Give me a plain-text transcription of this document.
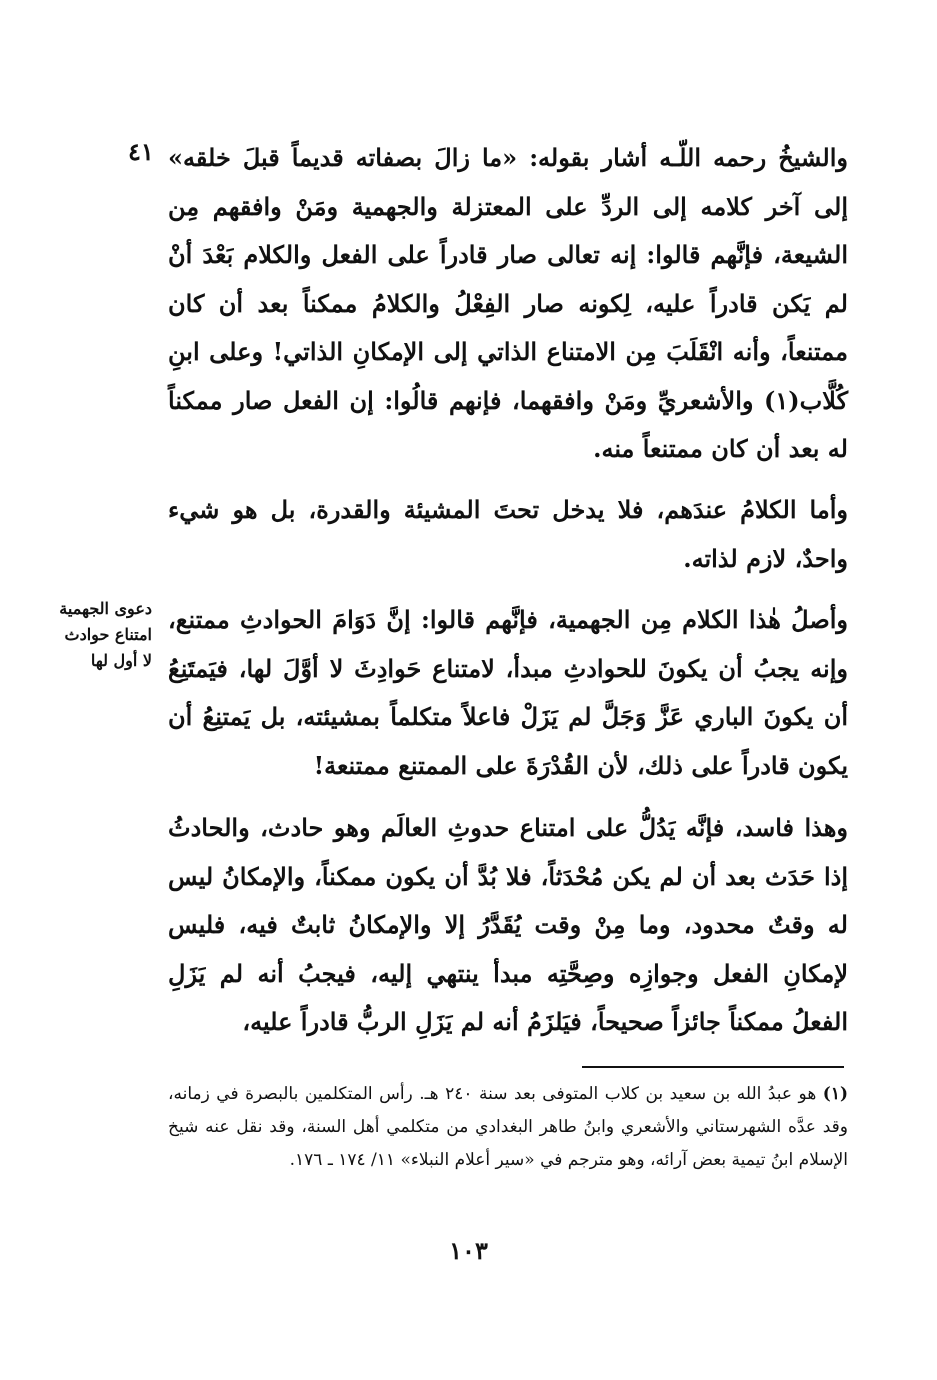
٤١ والشيخُ رحمه اللّـه أشار بقوله: «ما زالَ بصفاته قديماً قبلَ خلقه» إلى آخر كلامه إلى الردِّ على المعتزلة والجهمية ومَنْ وافقهم مِن الشيعة، فإنَّهم قالوا: إنه تعالى صار قادراً على الفعل والكلام بَعْدَ أنْ لم يَكن قادراً عليه، لِكونه صار الفِعْلُ والكلامُ ممكناً بعد أن كان ممتنعاً، وأنه انْقَلَبَ مِن الامتناع الذاتي إلى الإمكانِ الذاتي! وعلى ابنِ كُلَّاب(١) والأشعريِّ ومَنْ وافقهما، فإنهم قالُوا: إن الفعل صار ممكناً له بعد أن كان ممتنعاً منه.

وأما الكلامُ عندَهم، فلا يدخل تحتَ المشيئة والقدرة، بل هو شيء واحدٌ، لازم لذاته.

دعوى الجهمية
امتناع حوادث
لا أول لها

وأصلُ هٰذا الكلام مِن الجهمية، فإنَّهم قالوا: إنَّ دَوَامَ الحوادثِ ممتنع، وإنه يجبُ أن يكونَ للحوادثِ مبدأ، لامتناع حَوادِثَ لا أوَّلَ لها، فيَمتَنِعُ أن يكونَ الباري عَزَّ وَجَلَّ لم يَزَلْ فاعلاً متكلماً بمشيئته، بل يَمتنِعُ أن يكون قادراً على ذلك، لأن القُدْرَةَ على الممتنع ممتنعة!

وهذا فاسد، فإنَّه يَدُلُّ على امتناع حدوثِ العالَم وهو حادث، والحادثُ إذا حَدَث بعد أن لم يكن مُحْدَثاً، فلا بُدَّ أن يكون ممكناً، والإمكانُ ليس له وقتٌ محدود، وما مِنْ وقت يُقَدَّرُ إلا والإمكانُ ثابتٌ فيه، فليس لإمكانِ الفعل وجوازِه وصِحَّتِه مبدأ ينتهي إليه، فيجبُ أنه لم يَزَلِ الفعلُ ممكناً جائزاً صحيحاً، فيَلزَمُ أنه لم يَزَلِ الربُّ قادراً عليه،

(١) هو عبدُ الله بن سعيد بن كلاب المتوفى بعد سنة ٢٤٠ هـ. رأس المتكلمين بالبصرة في زمانه، وقد عدَّه الشهرستاني والأشعري وابنُ طاهر البغدادي من متكلمي أهل السنة، وقد نقل عنه شيخ الإسلام ابنُ تيمية بعض آرائه، وهو مترجم في «سير أعلام النبلاء» ١١/ ١٧٤ ـ ١٧٦.
١٠٣
